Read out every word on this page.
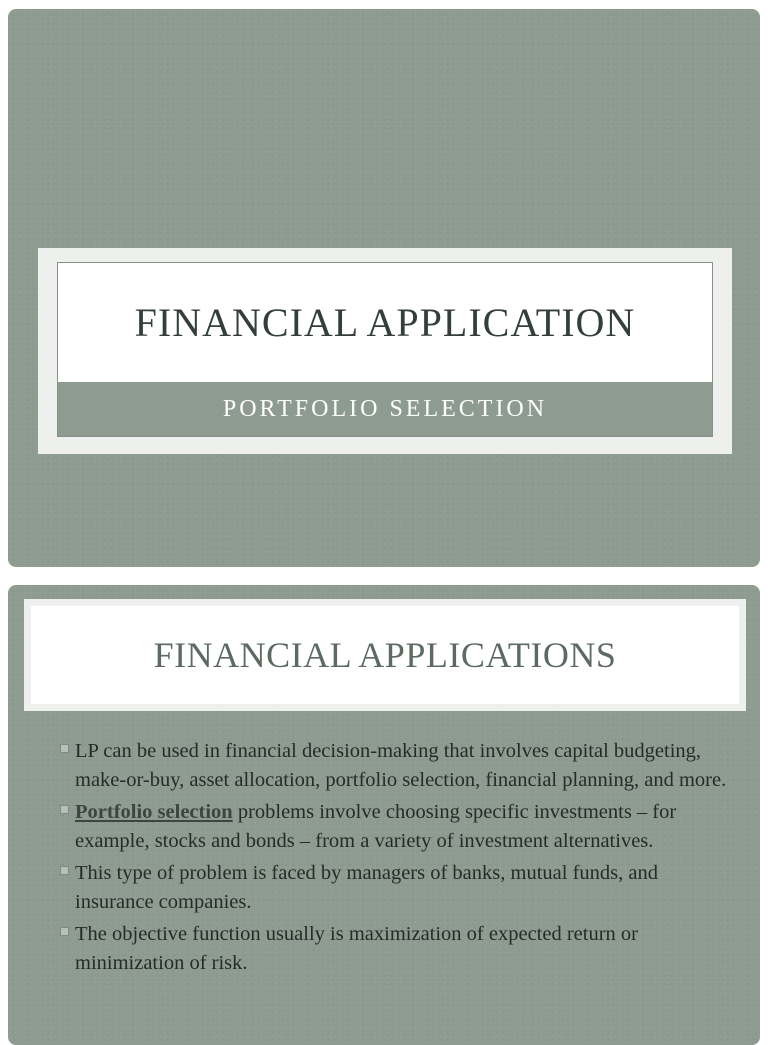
FINANCIAL APPLICATION
PORTFOLIO SELECTION
FINANCIAL APPLICATIONS
LP can be used in financial decision-making that involves capital budgeting, make-or-buy, asset allocation, portfolio selection, financial planning, and more.
Portfolio selection problems involve choosing specific investments – for example, stocks and bonds – from a variety of investment alternatives.
This type of problem is faced by managers of banks, mutual funds, and insurance companies.
The objective function usually is maximization of expected return or minimization of risk.
